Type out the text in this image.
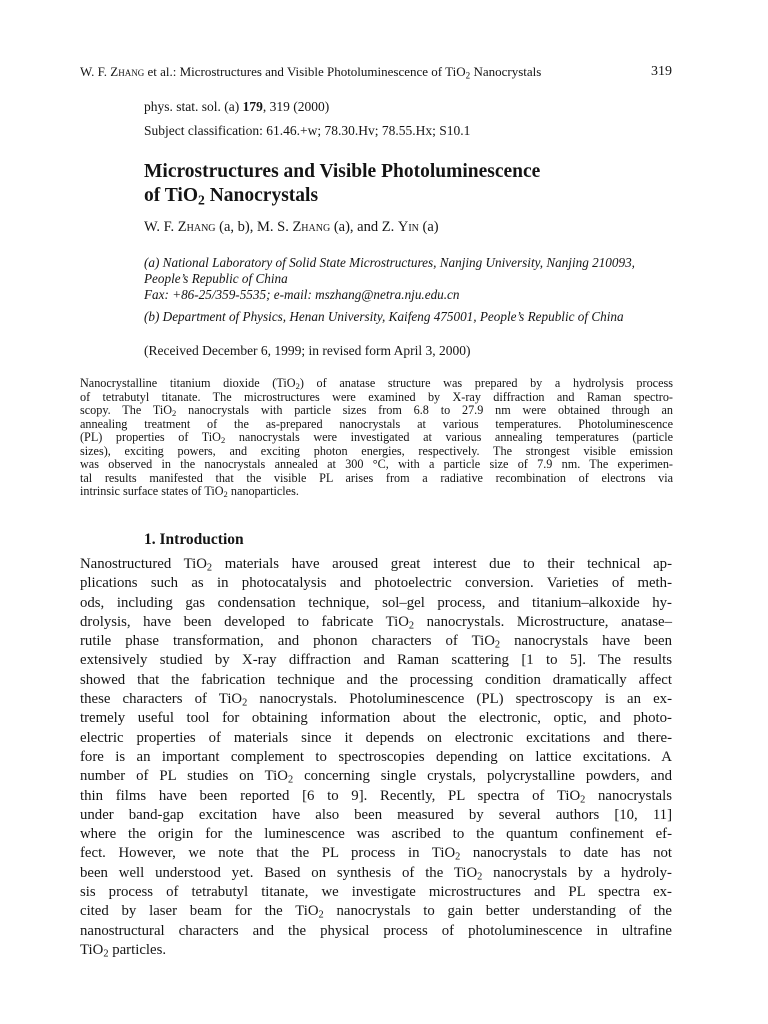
W. F. Zhang et al.: Microstructures and Visible Photoluminescence of TiO$_2$ Nanocrystals	319
phys. stat. sol. (a) 179, 319 (2000)
Subject classification: 61.46.+w; 78.30.Hv; 78.55.Hx; S10.1
Microstructures and Visible Photoluminescence
of TiO$_2$ Nanocrystals
W. F. Zhang (a, b), M. S. Zhang (a), and Z. Yin (a)
(a) National Laboratory of Solid State Microstructures, Nanjing University, Nanjing 210093,
People’s Republic of China
Fax: +86-25/359-5535; e-mail: mszhang@netra.nju.edu.cn
(b) Department of Physics, Henan University, Kaifeng 475001, People’s Republic of China
(Received December 6, 1999; in revised form April 3, 2000)
Nanocrystalline titanium dioxide (TiO$_2$) of anatase structure was prepared by a hydrolysis process
of tetrabutyl titanate. The microstructures were examined by X-ray diffraction and Raman spectro-
scopy. The TiO$_2$ nanocrystals with particle sizes from 6.8 to 27.9 nm were obtained through an
annealing treatment of the as-prepared nanocrystals at various temperatures. Photoluminescence
(PL) properties of TiO$_2$ nanocrystals were investigated at various annealing temperatures (particle
sizes), exciting powers, and exciting photon energies, respectively. The strongest visible emission
was observed in the nanocrystals annealed at 300 °C, with a particle size of 7.9 nm. The experimen-
tal results manifested that the visible PL arises from a radiative recombination of electrons via
intrinsic surface states of TiO$_2$ nanoparticles.
1. Introduction
Nanostructured TiO$_2$ materials have aroused great interest due to their technical ap-
plications such as in photocatalysis and photoelectric conversion. Varieties of meth-
ods, including gas condensation technique, sol–gel process, and titanium–alkoxide hy-
drolysis, have been developed to fabricate TiO$_2$ nanocrystals. Microstructure, anatase–
rutile phase transformation, and phonon characters of TiO$_2$ nanocrystals have been
extensively studied by X-ray diffraction and Raman scattering [1 to 5]. The results
showed that the fabrication technique and the processing condition dramatically affect
these characters of TiO$_2$ nanocrystals. Photoluminescence (PL) spectroscopy is an ex-
tremely useful tool for obtaining information about the electronic, optic, and photo-
electric properties of materials since it depends on electronic excitations and there-
fore is an important complement to spectroscopies depending on lattice excitations. A
number of PL studies on TiO$_2$ concerning single crystals, polycrystalline powders, and
thin films have been reported [6 to 9]. Recently, PL spectra of TiO$_2$ nanocrystals
under band-gap excitation have also been measured by several authors [10, 11]
where the origin for the luminescence was ascribed to the quantum confinement ef-
fect. However, we note that the PL process in TiO$_2$ nanocrystals to date has not
been well understood yet. Based on synthesis of the TiO$_2$ nanocrystals by a hydroly-
sis process of tetrabutyl titanate, we investigate microstructures and PL spectra ex-
cited by laser beam for the TiO$_2$ nanocrystals to gain better understanding of the
nanostructural characters and the physical process of photoluminescence in ultrafine
TiO$_2$ particles.
